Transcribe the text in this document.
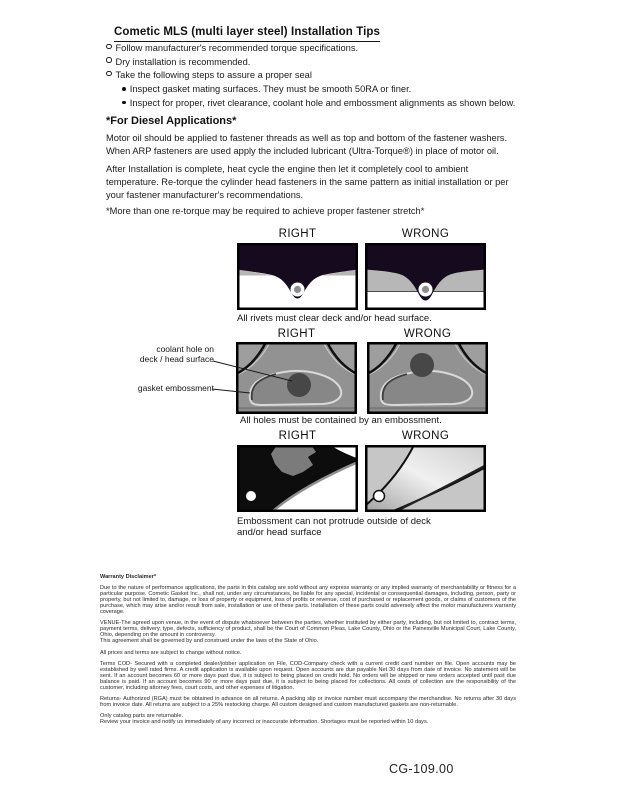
Cometic MLS (multi layer steel) Installation Tips
Follow manufacturer's recommended torque specifications.
Dry installation is recommended.
Take the following steps to assure a proper seal
Inspect gasket mating surfaces. They must be smooth 50RA or finer.
Inspect for proper, rivet clearance, coolant hole and embossment alignments as shown below.
*For Diesel Applications*
Motor oil should be applied to fastener threads as well as top and bottom of the fastener washers. When ARP fasteners are used apply the included lubricant (Ultra-Torque®) in place of motor oil.
After Installation is complete, heat cycle the engine then let it completely cool to ambient temperature. Re-torque the cylinder head fasteners in the same pattern as initial installation or per your fastener manufacturer's recommendations.
*More than one re-torque may be required to achieve proper fastener stretch*
RIGHT	WRONG
All rivets must clear deck and/or head surface.
RIGHT	WRONG
coolant hole on
deck / head surface
gasket embossment
All holes must be contained by an embossment.
RIGHT	WRONG
Embossment can not protrude outside of deck and/or head surface

Warranty Disclaimer*

Due to the nature of performance applications, the parts in this catalog are sold without any express warranty or any implied warranty of merchantability or fitness for a particular purpose. Cometic Gasket Inc., shall not, under any circumstances, be liable for any special, incidental or consequential damages, including, person, party or property, but not limited to, damage, or loss of property or equipment, loss of profits or revenue, cost of purchased or replacement goods, or claims of customers of the purchase, which may arise and/or result from sale, installation or use of these parts. Installation of these parts could adversely affect the motor manufacturers warranty coverage.

VENUE-The agreed upon venue, in the event of dispute whatsoever between the parties, whether instituted by either party, including, but not limited to, contract terms, payment terms, delivery, type, defects, sufficiency of product, shall be the Court of Common Pleas, Lake County, Ohio or the Painesville Municipal Court, Lake County, Ohio, depending on the amount in controversy.
This agreement shall be governed by and construed under the laws of the State of Ohio.

All prices and terms are subject to change without notice.

Terms COD- Secured with a completed dealer/jobber application on File, COD-Company check with a current credit card number on file. Open accounts may be established by well rated firms. A credit application is available upon request. Open accounts are due payable Net 30 days from date of invoice. No statement will be sent. If an account becomes 60 or more days past due, it is subject to being placed on credit hold. No orders will be shipped or new orders accepted until past due balance is paid. If an account becomes 90 or more days past due, it is subject to being placed for collections. All costs of collection are the responsibility of the customer, including attorney fees, court costs, and other expenses of litigation.

Returns- Authorized (RGA) must be obtained in advance on all returns. A packing slip or invoice number must accompany the merchandise. No returns after 30 days from invoice date. All returns are subject to a 25% restocking charge. All custom designed and custom manufactured gaskets are non-returnable.

Only catalog parts are returnable.
Review your invoice and notify us immediately of any incorrect or inaccurate information. Shortages must be reported within 10 days.

CG-109.00
